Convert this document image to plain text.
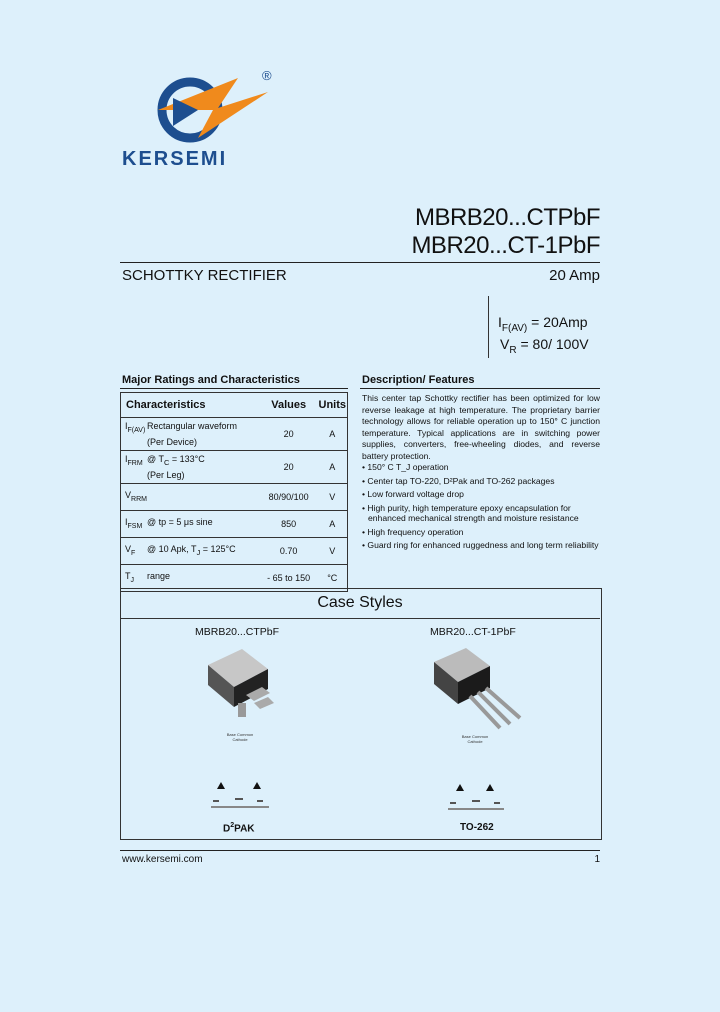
®
KERSEMI
MBRB20...CTPbF
MBR20...CT-1PbF
SCHOTTKY RECTIFIER	20 Amp
$I_{F(AV)} = 20Amp$
$V_R = 80/$ 100V
Major Ratings and Characteristics	Description/ Features
Characteristics	Values	Units
$I_{F(AV)}$ Rectangular waveform
(Per Device)	20	A
$I_{FRM}$ @ $T_C = 133^\circ C$
(Per Leg)	20	A
$V_{RRM}$	80/90/100	V
$I_{FSM}$ @ tp = 5 μs sine	850	A
$V_F$ @ 10 Apk, $T_J = 125^\circ C$	0.70	V
$T_J$ range	- 65 to 150	°C
This center tap Schottky rectifier has been optimized for low reverse leakage at high temperature. The proprietary barrier technology allows for reliable operation up to 150° C junction temperature. Typical applications are in switching power supplies, converters, free-wheeling diodes, and reverse battery protection.
• 150° C T_J operation
• Center tap TO-220, D²Pak and TO-262 packages
• Low forward voltage drop
• High purity, high temperature epoxy encapsulation for enhanced mechanical strength and moisture resistance
• High frequency operation
• Guard ring for enhanced ruggedness and long term reliability
Case Styles
MBRB20...CTPbF	MBR20...CT-1PbF
Base Common Cathode
Base Common Cathode
$D^2PAK$	TO-262
www.kersemi.com	1
